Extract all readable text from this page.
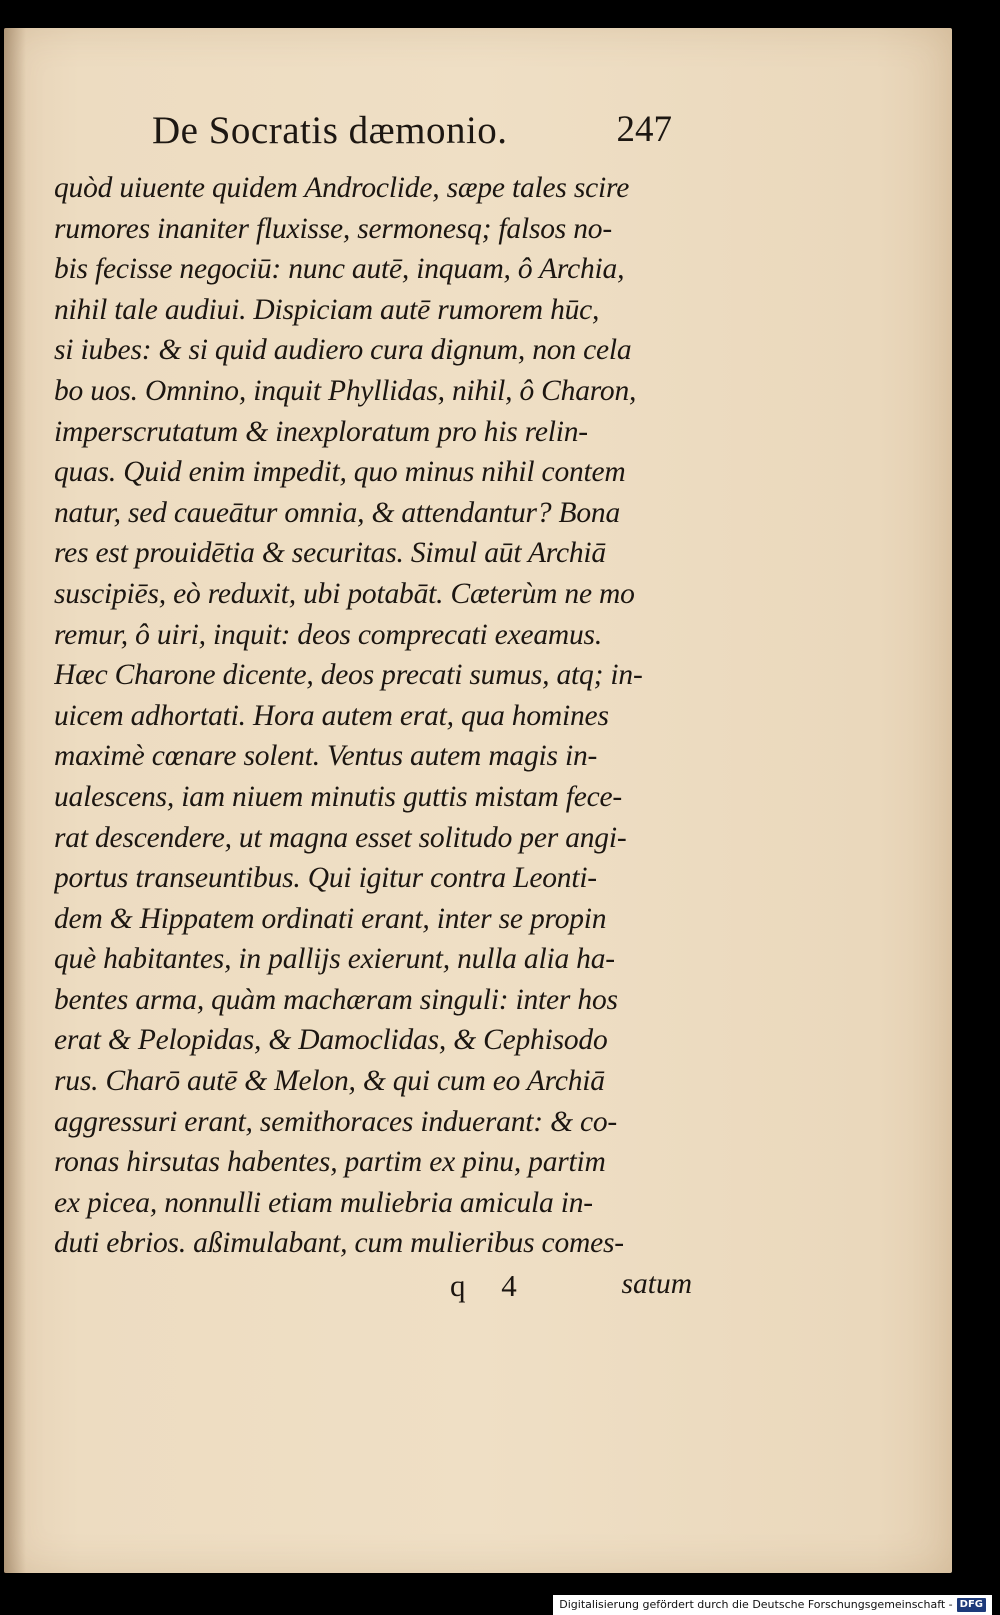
De Socratis dæmonio.	247
quòd uiuente quidem Androclide, sæpe tales scire
rumores inaniter fluxisse, sermonesq; falsos no-
bis fecisse negociū: nunc autē, inquam, ô Archia,
nihil tale audiui. Dispiciam autē rumorem hūc,
si iubes: & si quid audiero cura dignum, non cela
bo uos. Omnino, inquit Phyllidas, nihil, ô Charon,
imperscrutatum & inexploratum pro his relin-
quas. Quid enim impedit, quo minus nihil contem
natur, sed caueātur omnia, & attendantur? Bona
res est prouidētia & securitas. Simul aūt Archiā
suscipiēs, eò reduxit, ubi potabāt. Cæterùm ne mo
remur, ô uiri, inquit: deos comprecati exeamus.
Hæc Charone dicente, deos precati sumus, atq; in-
uicem adhortati. Hora autem erat, qua homines
maximè cœnare solent. Ventus autem magis in-
ualescens, iam niuem minutis guttis mistam fece-
rat descendere, ut magna esset solitudo per angi-
portus transeuntibus. Qui igitur contra Leonti-
dem & Hippatem ordinati erant, inter se propin
què habitantes, in pallijs exierunt, nulla alia ha-
bentes arma, quàm machæram singuli: inter hos
erat & Pelopidas, & Damoclidas, & Cephisodo
rus. Charō autē & Melon, & qui cum eo Archiā
aggressuri erant, semithoraces induerant: & co-
ronas hirsutas habentes, partim ex pinu, partim
ex picea, nonnulli etiam muliebria amicula in-
duti ebrios. aßimulabant, cum mulieribus comes-
q 4	satum
Digitalisierung gefördert durch die Deutsche Forschungsgemeinschaft - DFG
